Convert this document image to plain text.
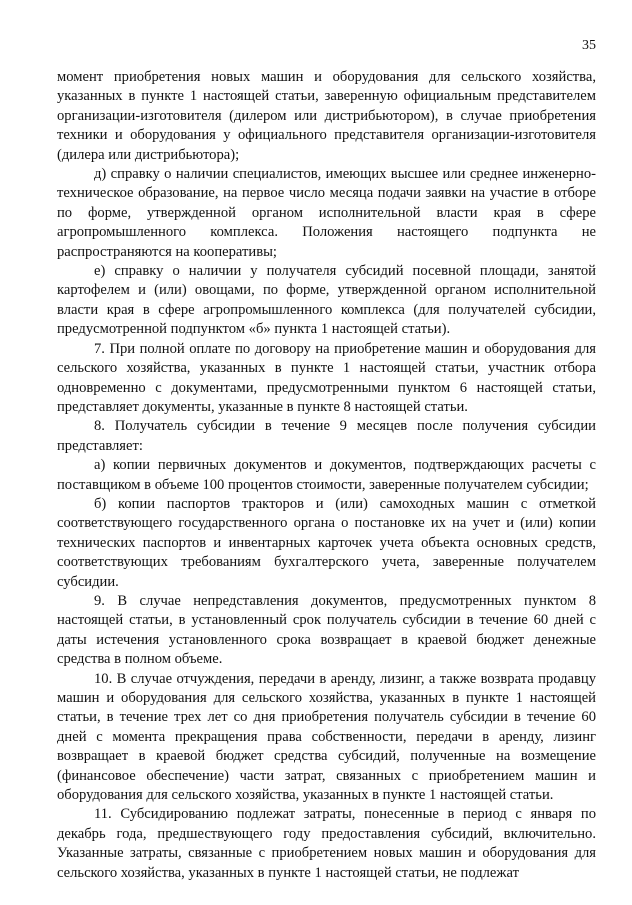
35

момент приобретения новых машин и оборудования для сельского хозяйства, указанных в пункте 1 настоящей статьи, заверенную официальным представителем организации-изготовителя (дилером или дистрибьютором), в случае приобретения техники и оборудования у официального представителя организации-изготовителя (дилера или дистрибьютора);

д) справку о наличии специалистов, имеющих высшее или среднее инженерно-техническое образование, на первое число месяца подачи заявки на участие в отборе по форме, утвержденной органом исполнительной власти края в сфере агропромышленного комплекса. Положения настоящего подпункта не распространяются на кооперативы;

е) справку о наличии у получателя субсидий посевной площади, занятой картофелем и (или) овощами, по форме, утвержденной органом исполнительной власти края в сфере агропромышленного комплекса (для получателей субсидии, предусмотренной подпунктом «б» пункта 1 настоящей статьи).

7. При полной оплате по договору на приобретение машин и оборудования для сельского хозяйства, указанных в пункте 1 настоящей статьи, участник отбора одновременно с документами, предусмотренными пунктом 6 настоящей статьи, представляет документы, указанные в пункте 8 настоящей статьи.

8. Получатель субсидии в течение 9 месяцев после получения субсидии представляет:

а) копии первичных документов и документов, подтверждающих расчеты с поставщиком в объеме 100 процентов стоимости, заверенные получателем субсидии;

б) копии паспортов тракторов и (или) самоходных машин с отметкой соответствующего государственного органа о постановке их на учет и (или) копии технических паспортов и инвентарных карточек учета объекта основных средств, соответствующих требованиям бухгалтерского учета, заверенные получателем субсидии.

9. В случае непредставления документов, предусмотренных пунктом 8 настоящей статьи, в установленный срок получатель субсидии в течение 60 дней с даты истечения установленного срока возвращает в краевой бюджет денежные средства в полном объеме.

10. В случае отчуждения, передачи в аренду, лизинг, а также возврата продавцу машин и оборудования для сельского хозяйства, указанных в пункте 1 настоящей статьи, в течение трех лет со дня приобретения получатель субсидии в течение 60 дней с момента прекращения права собственности, передачи в аренду, лизинг возвращает в краевой бюджет средства субсидий, полученные на возмещение (финансовое обеспечение) части затрат, связанных с приобретением машин и оборудования для сельского хозяйства, указанных в пункте 1 настоящей статьи.

11. Субсидированию подлежат затраты, понесенные в период с января по декабрь года, предшествующего году предоставления субсидий, включительно. Указанные затраты, связанные с приобретением новых машин и оборудования для сельского хозяйства, указанных в пункте 1 настоящей статьи, не подлежат
